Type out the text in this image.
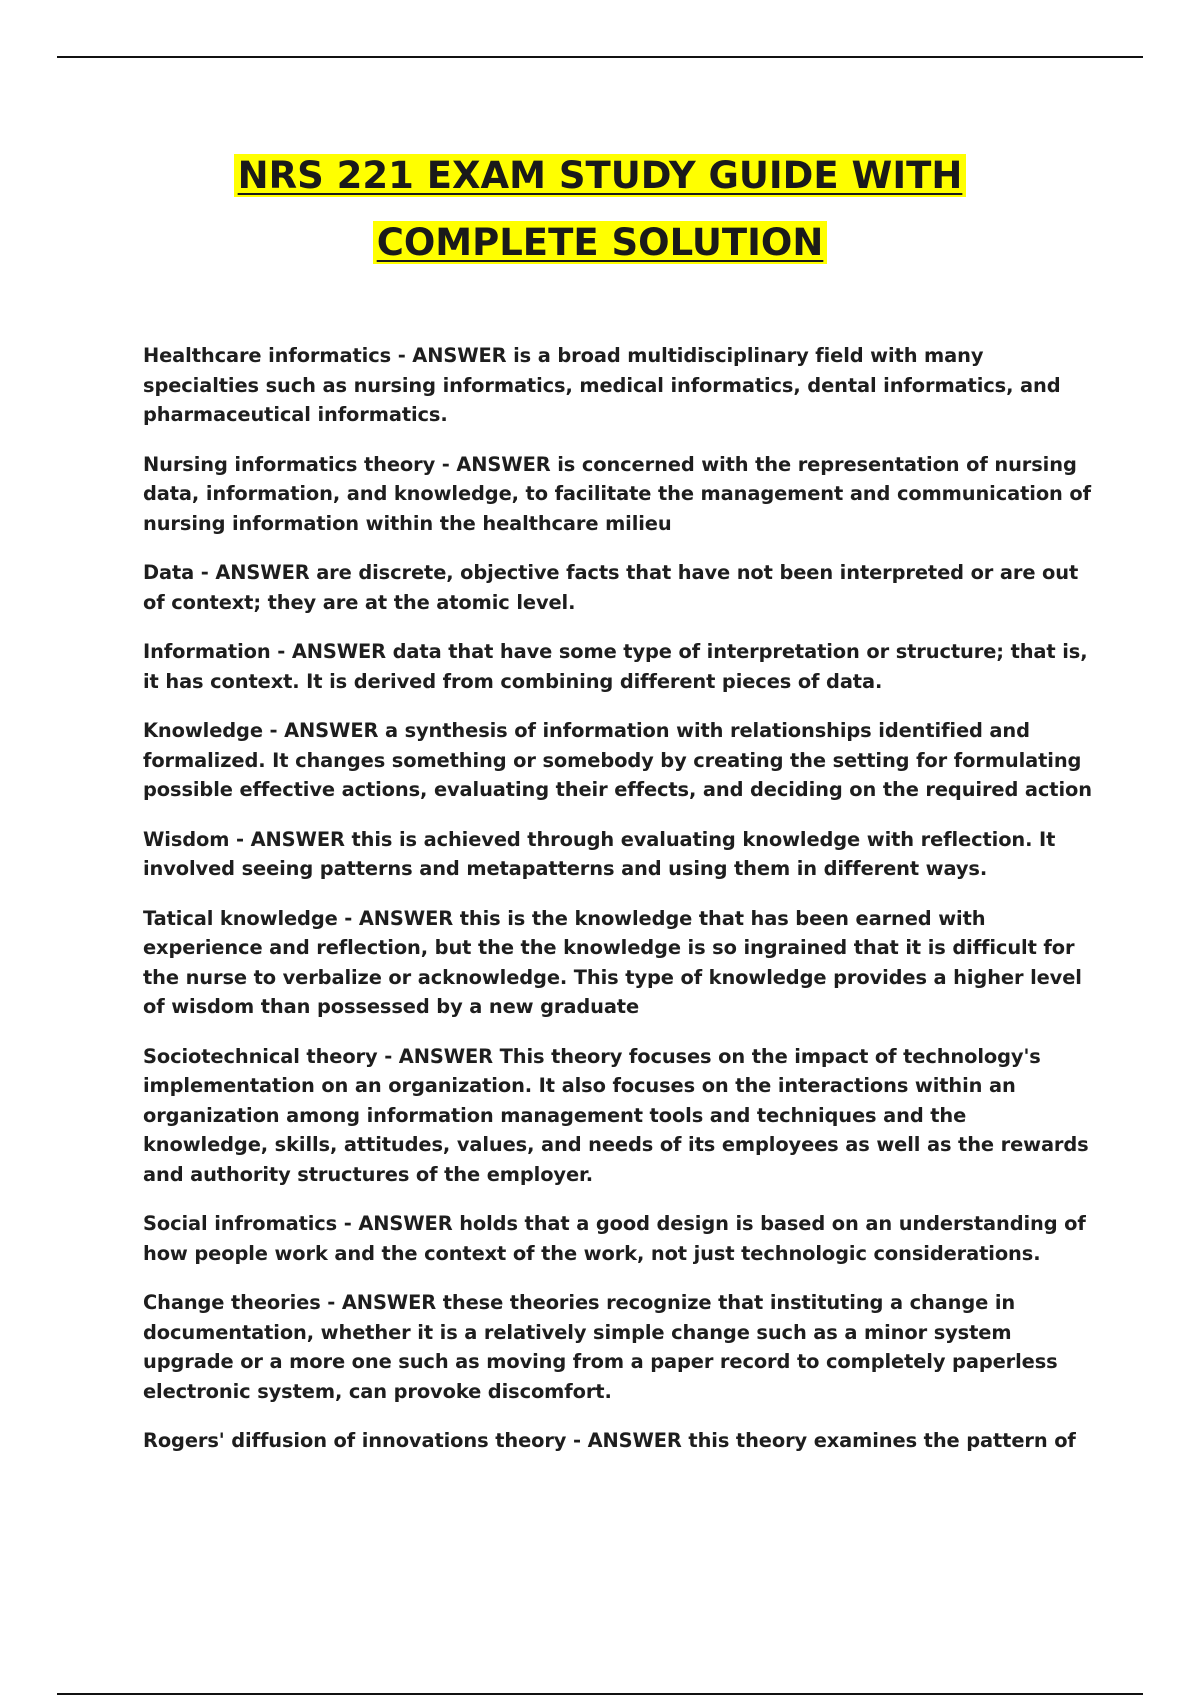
NRS 221 EXAM STUDY GUIDE WITH
COMPLETE SOLUTION

Healthcare informatics - ANSWER is a broad multidisciplinary field with many specialties such as nursing informatics, medical informatics, dental informatics, and pharmaceutical informatics.

Nursing informatics theory - ANSWER is concerned with the representation of nursing data, information, and knowledge, to facilitate the management and communication of nursing information within the healthcare milieu

Data - ANSWER are discrete, objective facts that have not been interpreted or are out of context; they are at the atomic level.

Information - ANSWER data that have some type of interpretation or structure; that is, it has context. It is derived from combining different pieces of data.

Knowledge - ANSWER a synthesis of information with relationships identified and formalized. It changes something or somebody by creating the setting for formulating possible effective actions, evaluating their effects, and deciding on the required action

Wisdom - ANSWER this is achieved through evaluating knowledge with reflection. It involved seeing patterns and metapatterns and using them in different ways.

Tatical knowledge - ANSWER this is the knowledge that has been earned with experience and reflection, but the the knowledge is so ingrained that it is difficult for the nurse to verbalize or acknowledge. This type of knowledge provides a higher level of wisdom than possessed by a new graduate

Sociotechnical theory - ANSWER This theory focuses on the impact of technology's implementation on an organization. It also focuses on the interactions within an organization among information management tools and techniques and the knowledge, skills, attitudes, values, and needs of its employees as well as the rewards and authority structures of the employer.

Social infromatics - ANSWER holds that a good design is based on an understanding of how people work and the context of the work, not just technologic considerations.

Change theories - ANSWER these theories recognize that instituting a change in documentation, whether it is a relatively simple change such as a minor system upgrade or a more one such as moving from a paper record to completely paperless electronic system, can provoke discomfort.

Rogers' diffusion of innovations theory - ANSWER this theory examines the pattern of
